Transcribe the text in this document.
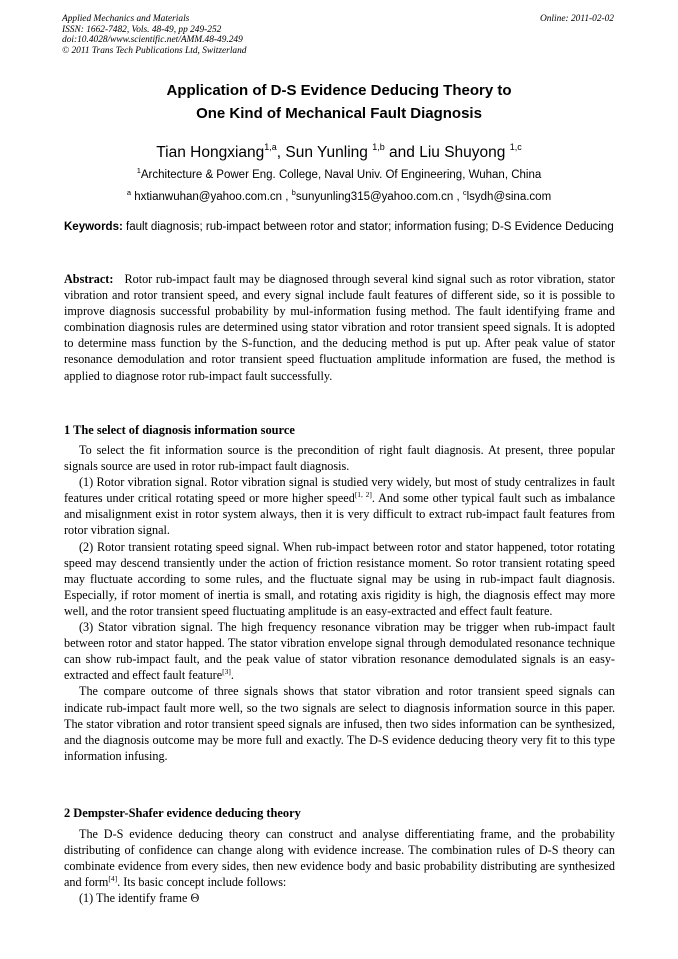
Applied Mechanics and Materials
ISSN: 1662-7482, Vols. 48-49, pp 249-252
doi:10.4028/www.scientific.net/AMM.48-49.249
© 2011 Trans Tech Publications Ltd, Switzerland
Online: 2011-02-02
Application of D-S Evidence Deducing Theory to
One Kind of Mechanical Fault Diagnosis
Tian Hongxiang$^{1,a}$, Sun Yunling $^{1,b}$ and Liu Shuyong $^{1,c}$
$^1$Architecture & Power Eng. College, Naval Univ. Of Engineering, Wuhan, China
$^a$ hxtianwuhan@yahoo.com.cn , $^b$sunyunling315@yahoo.com.cn , $^c$lsydh@sina.com
Keywords: fault diagnosis; rub-impact between rotor and stator; information fusing; D-S Evidence Deducing
Abstract: Rotor rub-impact fault may be diagnosed through several kind signal such as rotor vibration, stator vibration and rotor transient speed, and every signal include fault features of different side, so it is possible to improve diagnosis successful probability by mul-information fusing method. The fault identifying frame and combination diagnosis rules are determined using stator vibration and rotor transient speed signals. It is adopted to determine mass function by the S-function, and the deducing method is put up. After peak value of stator resonance demodulation and rotor transient speed fluctuation amplitude information are fused, the method is applied to diagnose rotor rub-impact fault successfully.
1 The select of diagnosis information source

To select the fit information source is the precondition of right fault diagnosis. At present, three popular signals source are used in rotor rub-impact fault diagnosis.

(1) Rotor vibration signal. Rotor vibration signal is studied very widely, but most of study centralizes in fault features under critical rotating speed or more higher speed[1, 2]. And some other typical fault such as imbalance and misalignment exist in rotor system always, then it is very difficult to extract rub-impact fault features from rotor vibration signal.

(2) Rotor transient rotating speed signal. When rub-impact between rotor and stator happened, totor rotating speed may descend transiently under the action of friction resistance moment. So rotor transient rotating speed may fluctuate according to some rules, and the fluctuate signal may be using in rub-impact fault diagnosis. Especially, if rotor moment of inertia is small, and rotating axis rigidity is high, the diagnosis effect may more well, and the rotor transient speed fluctuating amplitude is an easy-extracted and effect fault feature.

(3) Stator vibration signal. The high frequency resonance vibration may be trigger when rub-impact fault between rotor and stator happed. The stator vibration envelope signal through demodulated resonance technique can show rub-impact fault, and the peak value of stator vibration resonance demodulated signals is an easy-extracted and effect fault feature[3].

The compare outcome of three signals shows that stator vibration and rotor transient speed signals can indicate rub-impact fault more well, so the two signals are select to diagnosis information source in this paper. The stator vibration and rotor transient speed signals are infused, then two sides information can be synthesized, and the diagnosis outcome may be more full and exactly. The D-S evidence deducing theory very fit to this type information infusing.

2 Dempster-Shafer evidence deducing theory

The D-S evidence deducing theory can construct and analyse differentiating frame, and the probability distributing of confidence can change along with evidence increase. The combination rules of D-S theory can combinate evidence from every sides, then new evidence body and basic probability distributing are synthesized and form[4]. Its basic concept include follows:

(1) The identify frame Θ
